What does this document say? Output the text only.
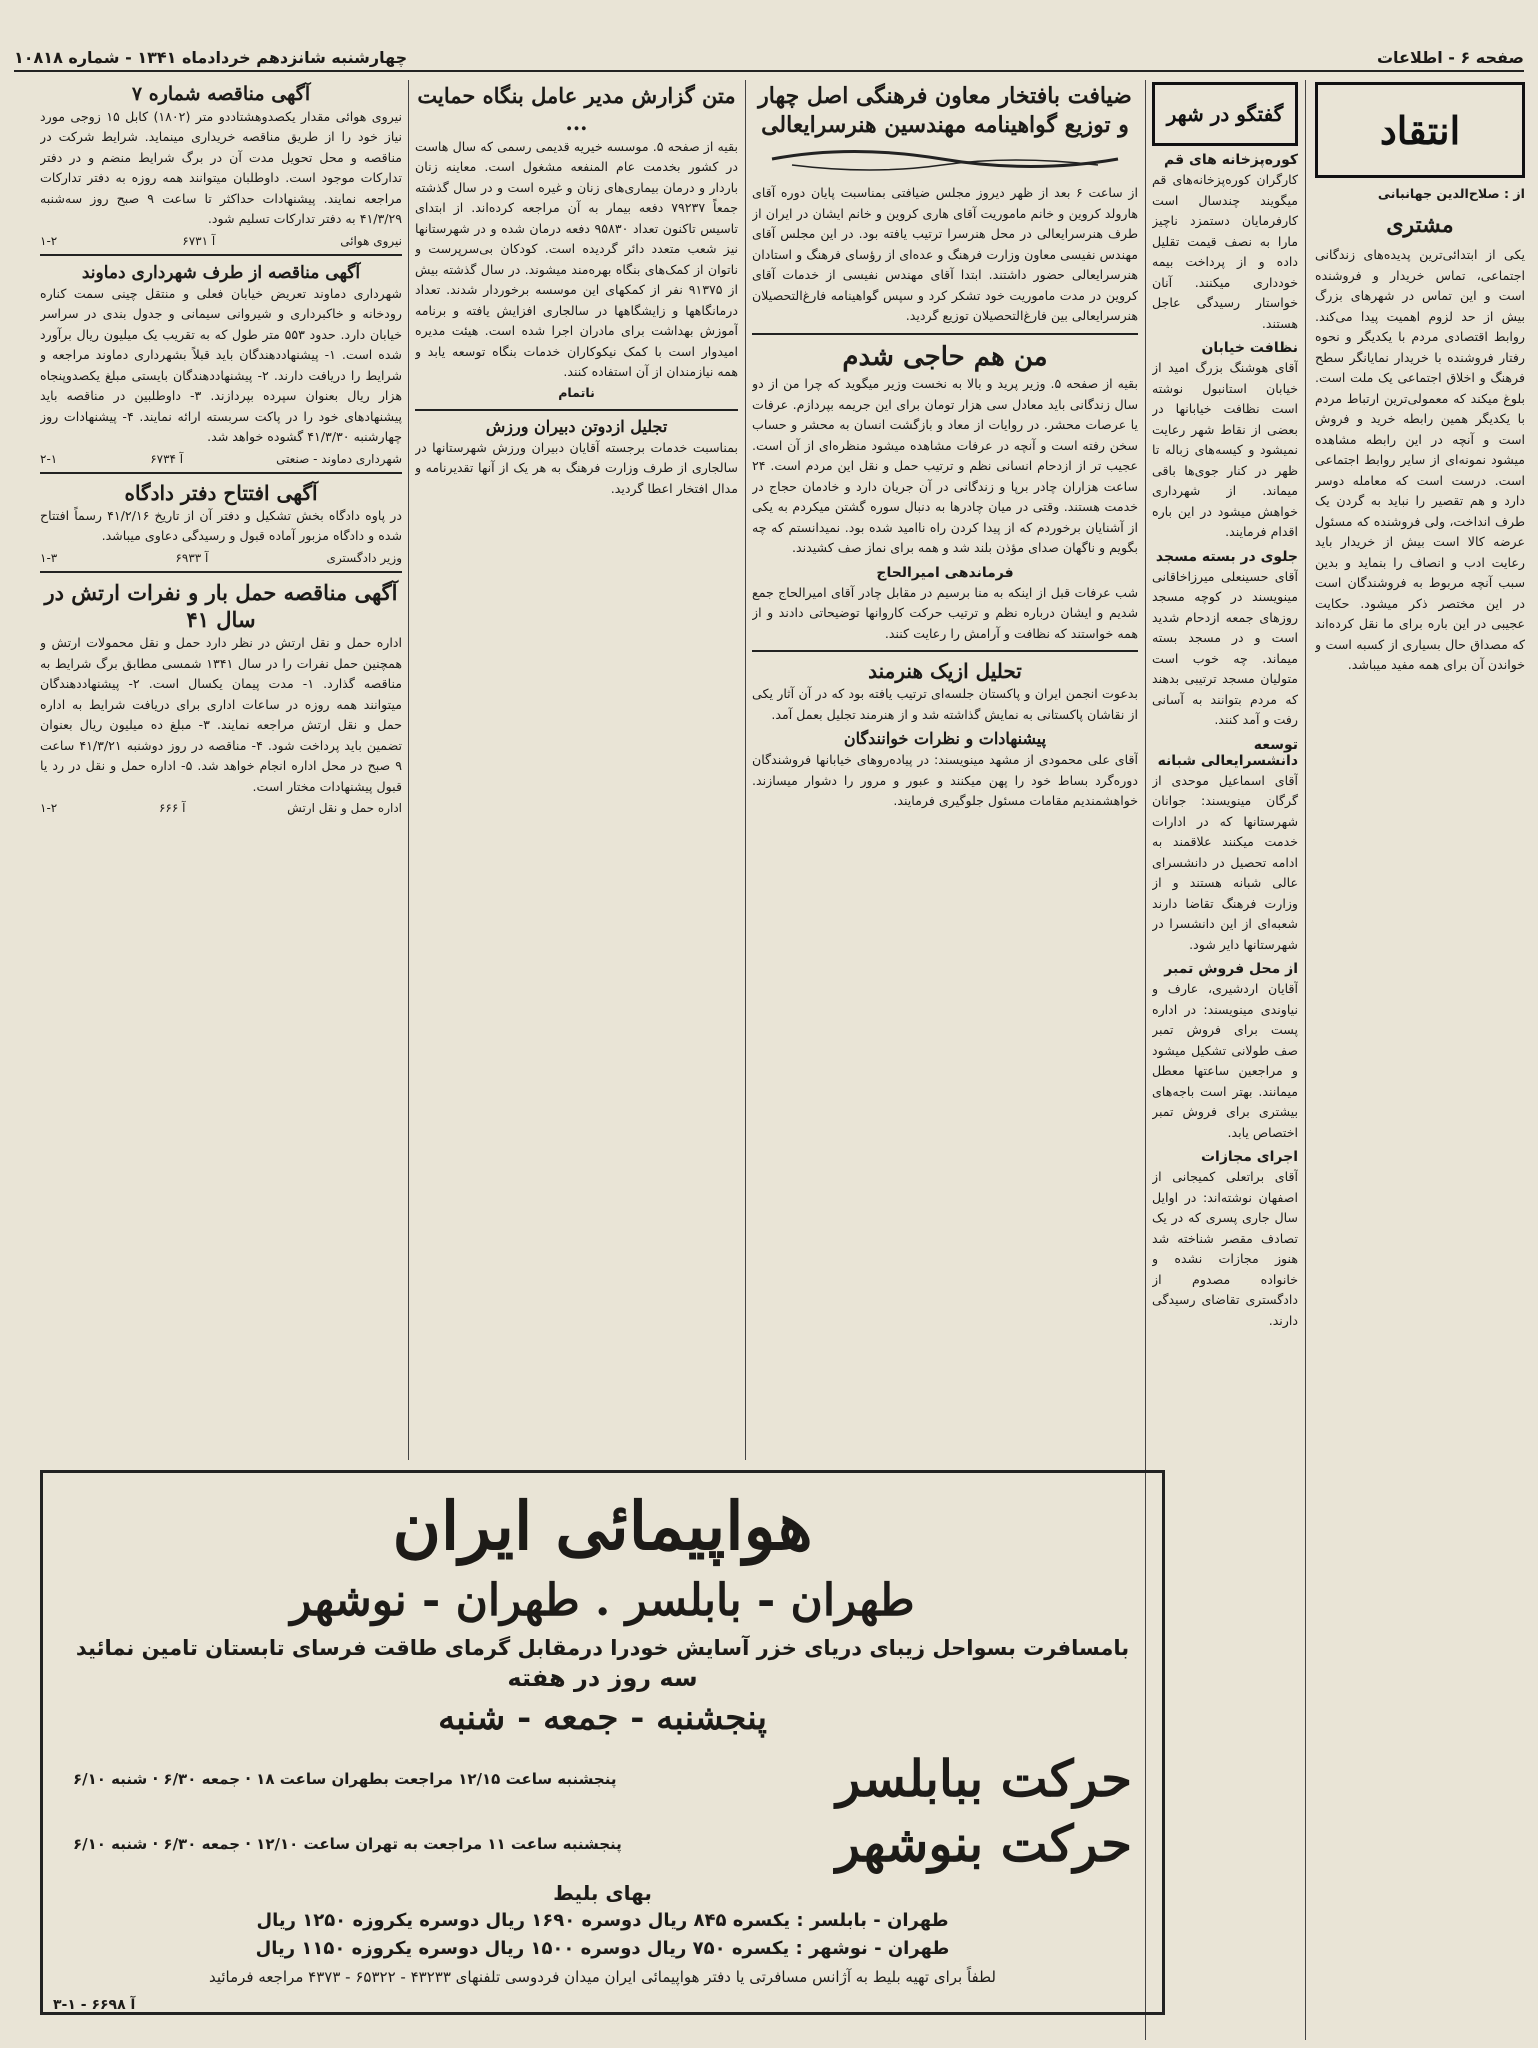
صفحه ۶ - اطلاعات
چهارشنبه شانزدهم خردادماه ۱۳۴۱ - شماره ۱۰۸۱۸
انتقاد
از : صلاح‌الدین جهانبانی
مشتری
یکی از ابتدائی‌ترین پدیده‌های زندگانی اجتماعی، تماس خریدار و فروشنده است و این تماس در شهرهای بزرگ بیش از حد لزوم اهمیت پیدا می‌کند. روابط اقتصادی مردم با یکدیگر و نحوه رفتار فروشنده با خریدار نمایانگر سطح فرهنگ و اخلاق اجتماعی یک ملت است. بلوغ میکند که معمولی‌ترین ارتباط مردم با یکدیگر همین رابطه خرید و فروش است و آنچه در این رابطه مشاهده میشود نمونه‌ای از سایر روابط اجتماعی است. درست است که معامله دوسر دارد و هم تقصیر را نباید به گردن یک طرف انداخت، ولی فروشنده که مسئول عرضه کالا است بیش از خریدار باید رعایت ادب و انصاف را بنماید و بدین سبب آنچه مربوط به فروشندگان است در این مختصر ذکر میشود. حکایت عجیبی در این باره برای ما نقل کرده‌اند که مصداق حال بسیاری از کسبه است و خواندن آن برای همه مفید میباشد.
گفتگو در شهر
کوره‌پزخانه های قم
کارگران کوره‌پزخانه‌های قم میگویند چندسال است کارفرمایان دستمزد ناچیز مارا به نصف قیمت تقلیل داده و از پرداخت بیمه خودداری میکنند. آنان خواستار رسیدگی عاجل هستند.
نظافت خیابان
آقای هوشنگ بزرگ امید از خیابان استانبول نوشته است نظافت خیابانها در بعضی از نقاط شهر رعایت نمیشود و کیسه‌های زباله تا ظهر در کنار جوی‌ها باقی میماند. از شهرداری خواهش میشود در این باره اقدام فرمایند.
جلوی در بسته مسجد
آقای حسینعلی میرزاخاقانی مینویسند در کوچه مسجد روزهای جمعه ازدحام شدید است و در مسجد بسته میماند. چه خوب است متولیان مسجد ترتیبی بدهند که مردم بتوانند به آسانی رفت و آمد کنند.
توسعه دانشسرایعالی شبانه
آقای اسماعیل موحدی از گرگان مینویسند: جوانان شهرستانها که در ادارات خدمت میکنند علاقمند به ادامه تحصیل در دانشسرای عالی شبانه هستند و از وزارت فرهنگ تقاضا دارند شعبه‌ای از این دانشسرا در شهرستانها دایر شود.
از محل فروش تمبر
آقایان اردشیری، عارف و نیاوندی مینویسند: در اداره پست برای فروش تمبر صف طولانی تشکیل میشود و مراجعین ساعتها معطل میمانند. بهتر است باجه‌های بیشتری برای فروش تمبر اختصاص یابد.
اجرای مجازات
آقای براتعلی کمیجانی از اصفهان نوشته‌اند: در اوایل سال جاری پسری که در یک تصادف مقصر شناخته شد هنوز مجازات نشده و خانواده مصدوم از دادگستری تقاضای رسیدگی دارند.
ضیافت بافتخار معاون فرهنگی اصل چهار و توزیع گواهینامه مهندسین هنرسرایعالی
از ساعت ۶ بعد از ظهر دیروز مجلس ضیافتی بمناسبت پایان دوره آقای هارولد کروین و خانم ماموریت آقای هاری کروین و خانم ایشان در ایران از طرف هنرسرایعالی در محل هنرسرا ترتیب یافته بود. در این مجلس آقای مهندس نفیسی معاون وزارت فرهنگ و عده‌ای از رؤسای فرهنگ و استادان هنرسرایعالی حضور داشتند. ابتدا آقای مهندس نفیسی از خدمات آقای کروین در مدت ماموریت خود تشکر کرد و سپس گواهینامه فارغ‌التحصیلان هنرسرایعالی بین فارغ‌التحصیلان توزیع گردید.
من هم حاجی شدم
بقیه از صفحه ۵. وزیر پرید و بالا به نخست وزیر میگوید که چرا من از دو سال زندگانی باید معادل سی هزار تومان برای این جریمه بپردازم. عرفات یا عرصات محشر. در روایات از معاد و بازگشت انسان به محشر و حساب سخن رفته است و آنچه در عرفات مشاهده میشود منظره‌ای از آن است. عجیب تر از ازدحام انسانی نظم و ترتیب حمل و نقل این مردم است. ۲۴ ساعت هزاران چادر برپا و زندگانی در آن جریان دارد و خادمان حجاج در خدمت هستند. وقتی در میان چادرها به دنبال سوره گشتن میکردم به یکی از آشنایان برخوردم که از پیدا کردن راه ناامید شده بود. نمیدانستم که چه بگویم و ناگهان صدای مؤذن بلند شد و همه برای نماز صف کشیدند.
فرماندهی امیرالحاج
شب عرفات قبل از اینکه به منا برسیم در مقابل چادر آقای امیرالحاج جمع شدیم و ایشان درباره نظم و ترتیب حرکت کاروانها توضیحاتی دادند و از همه خواستند که نظافت و آرامش را رعایت کنند.
تحلیل ازیک هنرمند
بدعوت انجمن ایران و پاکستان جلسه‌ای ترتیب یافته بود که در آن آثار یکی از نقاشان پاکستانی به نمایش گذاشته شد و از هنرمند تجلیل بعمل آمد.
پیشنهادات و نظرات خوانندگان
آقای علی محمودی از مشهد مینویسند: در پیاده‌روهای خیابانها فروشندگان دوره‌گرد بساط خود را پهن میکنند و عبور و مرور را دشوار میسازند. خواهشمندیم مقامات مسئول جلوگیری فرمایند.
متن گزارش مدیر عامل بنگاه حمایت ...
بقیه از صفحه ۵. موسسه خیریه قدیمی رسمی که سال هاست در کشور بخدمت عام المنفعه مشغول است. معاینه زنان باردار و درمان بیماری‌های زنان و غیره است و در سال گذشته جمعاً ۷۹۲۳۷ دفعه بیمار به آن مراجعه کرده‌اند. از ابتدای تاسیس تاکنون تعداد ۹۵۸۳۰ دفعه درمان شده و در شهرستانها نیز شعب متعدد دائر گردیده است. کودکان بی‌سرپرست و ناتوان از کمک‌های بنگاه بهره‌مند میشوند. در سال گذشته بیش از ۹۱۳۷۵ نفر از کمکهای این موسسه برخوردار شدند. تعداد درمانگاهها و زایشگاهها در سالجاری افزایش یافته و برنامه آموزش بهداشت برای مادران اجرا شده است. هیئت مدیره امیدوار است با کمک نیکوکاران خدمات بنگاه توسعه یابد و همه نیازمندان از آن استفاده کنند.
ناتمام
تجلیل ازدوتن دبیران ورزش
بمناسبت خدمات برجسته آقایان دبیران ورزش شهرستانها در سالجاری از طرف وزارت فرهنگ به هر یک از آنها تقدیرنامه و مدال افتخار اعطا گردید.
آگهی مناقصه شماره ۷
نیروی هوائی مقدار یکصدوهشتاددو متر (۱۸۰۲) کابل ۱۵ زوجی مورد نیاز خود را از طریق مناقصه خریداری مینماید. شرایط شرکت در مناقصه و محل تحویل مدت آن در برگ شرایط منضم و در دفتر تدارکات موجود است. داوطلبان میتوانند همه روزه به دفتر تدارکات مراجعه نمایند. پیشنهادات حداکثر تا ساعت ۹ صبح روز سه‌شنبه ۴۱/۳/۲۹ به دفتر تدارکات تسلیم شود.
نیروی هوائی
آ ۶۷۳۱
۱-۲
آگهی مناقصه از طرف شهرداری دماوند
شهرداری دماوند تعریض خیابان فعلی و منتقل چینی سمت کناره رودخانه و خاکبرداری و شیروانی سیمانی و جدول بندی در سراسر خیابان دارد. حدود ۵۵۳ متر طول که به تقریب یک میلیون ریال برآورد شده است. ۱- پیشنهاددهندگان باید قبلاً بشهرداری دماوند مراجعه و شرایط را دریافت دارند. ۲- پیشنهاددهندگان بایستی مبلغ یکصدوپنجاه هزار ریال بعنوان سپرده بپردازند. ۳- داوطلبین در مناقصه باید پیشنهادهای خود را در پاکت سربسته ارائه نمایند. ۴- پیشنهادات روز چهارشنبه ۴۱/۳/۳۰ گشوده خواهد شد.
شهرداری دماوند - صنعتی
آ ۶۷۳۴
۲-۱
آگهی افتتاح دفتر دادگاه
در پاوه دادگاه بخش تشکیل و دفتر آن از تاریخ ۴۱/۲/۱۶ رسماً افتتاح شده و دادگاه مزبور آماده قبول و رسیدگی دعاوی میباشد.
وزیر دادگستری
آ ۶۹۳۳
۱-۳
آگهی مناقصه حمل بار و نفرات ارتش در سال ۴۱
اداره حمل و نقل ارتش در نظر دارد حمل و نقل محمولات ارتش و همچنین حمل نفرات را در سال ۱۳۴۱ شمسی مطابق برگ شرایط به مناقصه گذارد. ۱- مدت پیمان یکسال است. ۲- پیشنهاددهندگان میتوانند همه روزه در ساعات اداری برای دریافت شرایط به اداره حمل و نقل ارتش مراجعه نمایند. ۳- مبلغ ده میلیون ریال بعنوان تضمین باید پرداخت شود. ۴- مناقصه در روز دوشنبه ۴۱/۳/۲۱ ساعت ۹ صبح در محل اداره انجام خواهد شد. ۵- اداره حمل و نقل در رد یا قبول پیشنهادات مختار است.
اداره حمل و نقل ارتش
آ ۶۶۶
۱-۲
هواپیمائی ایران
طهران - بابلسر . طهران - نوشهر
بامسافرت بسواحل زیبای دریای خزر آسایش خودرا درمقابل گرمای طاقت فرسای تابستان تامین نمائید
سه روز در هفته
پنجشنبه - جمعه - شنبه
حرکت ببابلسر
پنجشنبه ساعت ۱۲/۱۵ مراجعت بطهران ساعت ۱۸ · جمعه ۶/۳۰ · شنبه ۶/۱۰
حرکت بنوشهر
پنجشنبه ساعت ۱۱ مراجعت به تهران ساعت ۱۲/۱۰ · جمعه ۶/۳۰ · شنبه ۶/۱۰
بهای بلیط
طهران - بابلسر : یکسره ۸۴۵ ریال دوسره ۱۶۹۰ ریال دوسره یکروزه ۱۲۵۰ ریال
طهران - نوشهر : یکسره ۷۵۰ ریال دوسره ۱۵۰۰ ریال دوسره یکروزه ۱۱۵۰ ریال
لطفاً برای تهیه بلیط به آژانس مسافرتی یا دفتر هواپیمائی ایران میدان فردوسی تلفنهای ۴۳۲۳۳ - ۶۵۳۲۲ - ۴۳۷۳ مراجعه فرمائید
آ ۶۶۹۸ - ۱-۳
